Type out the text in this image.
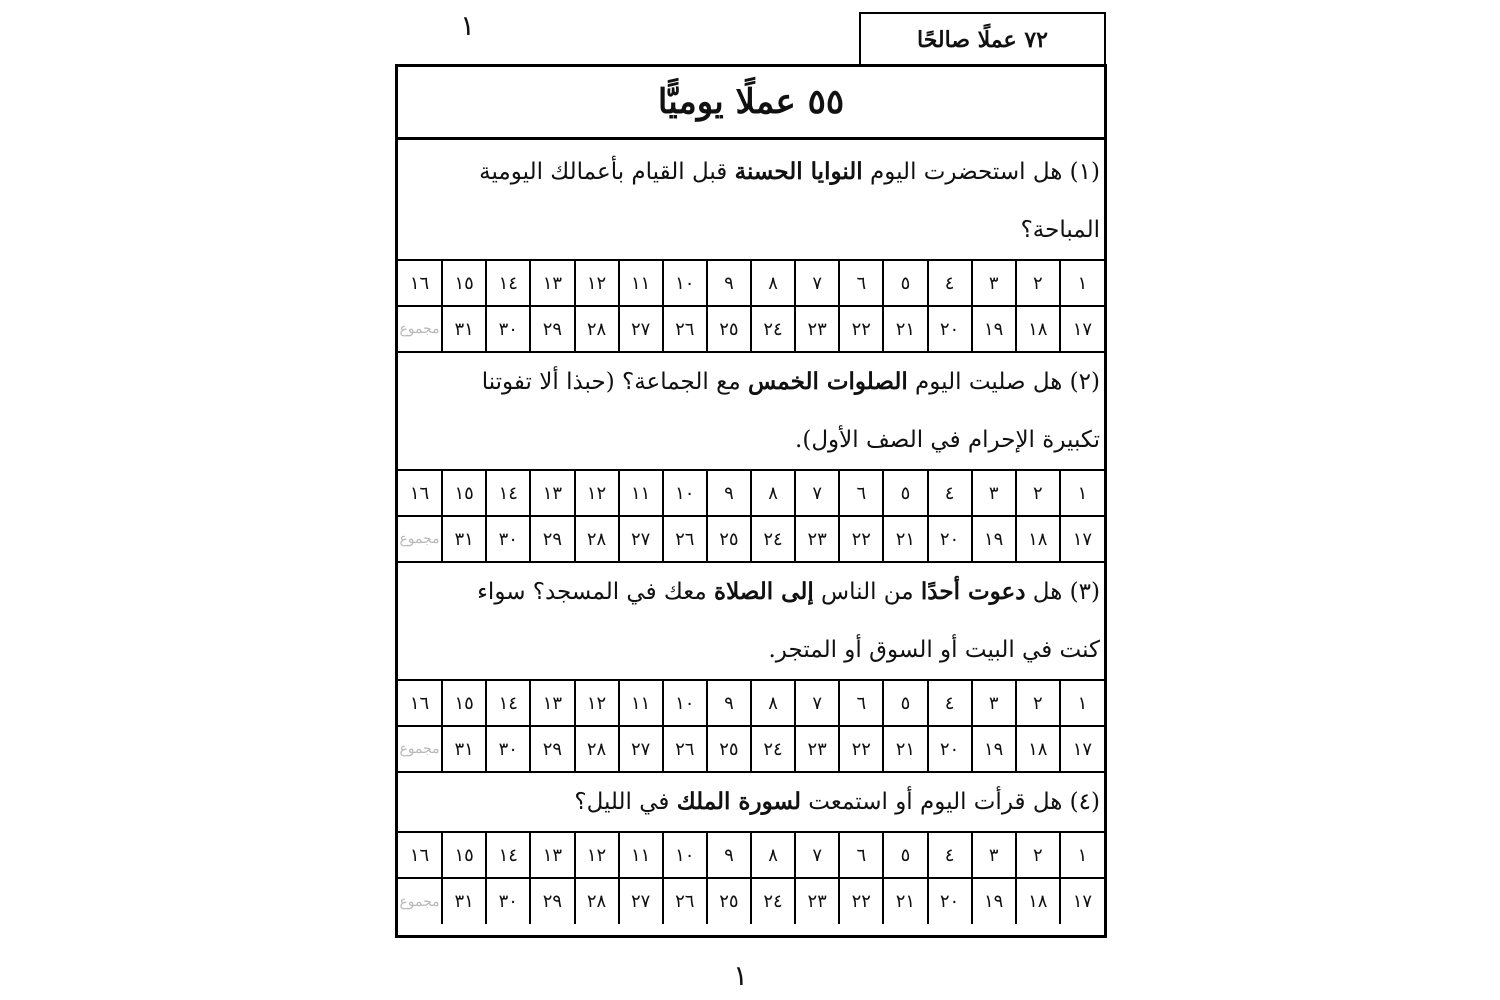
١	٧٢ عملًا صالحًا
٥٥ عملًا يوميًّا
(١) هل استحضرت اليوم النوايا الحسنة قبل القيام بأعمالك اليومية
المباحة؟
١	٢	٣	٤	٥	٦	٧	٨	٩	١٠	١١	١٢	١٣	١٤	١٥	١٦
١٧	١٨	١٩	٢٠	٢١	٢٢	٢٣	٢٤	٢٥	٢٦	٢٧	٢٨	٢٩	٣٠	٣١	مجموع
(٢) هل صليت اليوم الصلوات الخمس مع الجماعة؟ (حبذا ألا تفوتنا
تكبيرة الإحرام في الصف الأول).
١	٢	٣	٤	٥	٦	٧	٨	٩	١٠	١١	١٢	١٣	١٤	١٥	١٦
١٧	١٨	١٩	٢٠	٢١	٢٢	٢٣	٢٤	٢٥	٢٦	٢٧	٢٨	٢٩	٣٠	٣١	مجموع
(٣) هل دعوت أحدًا من الناس إلى الصلاة معك في المسجد؟ سواء
كنت في البيت أو السوق أو المتجر.
١	٢	٣	٤	٥	٦	٧	٨	٩	١٠	١١	١٢	١٣	١٤	١٥	١٦
١٧	١٨	١٩	٢٠	٢١	٢٢	٢٣	٢٤	٢٥	٢٦	٢٧	٢٨	٢٩	٣٠	٣١	مجموع
(٤) هل قرأت اليوم أو استمعت لسورة الملك في الليل؟
١	٢	٣	٤	٥	٦	٧	٨	٩	١٠	١١	١٢	١٣	١٤	١٥	١٦
١٧	١٨	١٩	٢٠	٢١	٢٢	٢٣	٢٤	٢٥	٢٦	٢٧	٢٨	٢٩	٣٠	٣١	مجموع
١
